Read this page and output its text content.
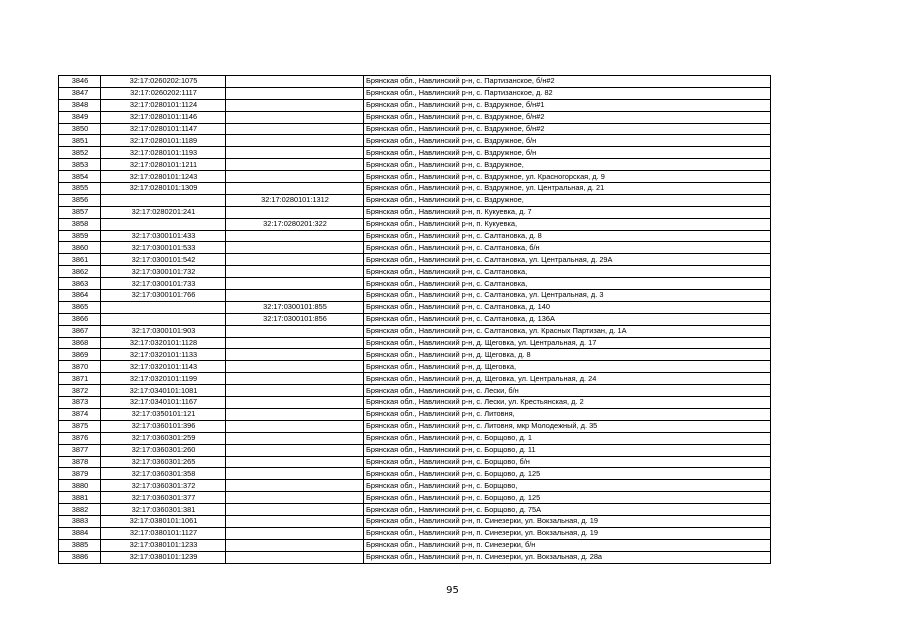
3846	32:17:0260202:1075		Брянская обл., Навлинский р-н, с. Партизанское, б/н#2
3847	32:17:0260202:1117		Брянская обл., Навлинский р-н, с. Партизанское, д. 82
3848	32:17:0280101:1124		Брянская обл., Навлинский р-н, с. Вздружное, б/н#1
3849	32:17:0280101:1146		Брянская обл., Навлинский р-н, с. Вздружное, б/н#2
3850	32:17:0280101:1147		Брянская обл., Навлинский р-н, с. Вздружное, б/н#2
3851	32:17:0280101:1189		Брянская обл., Навлинский р-н, с. Вздружное, б/н
3852	32:17:0280101:1193		Брянская обл., Навлинский р-н, с. Вздружное, б/н
3853	32:17:0280101:1211		Брянская обл., Навлинский р-н, с. Вздружное,
3854	32:17:0280101:1243		Брянская обл., Навлинский р-н, с. Вздружное, ул. Красногорская, д. 9
3855	32:17:0280101:1309		Брянская обл., Навлинский р-н, с. Вздружное, ул. Центральная, д. 21
3856		32:17:0280101:1312	Брянская обл., Навлинский р-н, с. Вздружное,
3857	32:17:0280201:241		Брянская обл., Навлинский р-н, п. Кукуевка, д. 7
3858		32:17:0280201:322	Брянская обл., Навлинский р-н, п. Кукуевка,
3859	32:17:0300101:433		Брянская обл., Навлинский р-н, с. Салтановка, д. 8
3860	32:17:0300101:533		Брянская обл., Навлинский р-н, с. Салтановка, б/н
3861	32:17:0300101:542		Брянская обл., Навлинский р-н, с. Салтановка, ул. Центральная, д. 29А
3862	32:17:0300101:732		Брянская обл., Навлинский р-н, с. Салтановка,
3863	32:17:0300101:733		Брянская обл., Навлинский р-н, с. Салтановка,
3864	32:17:0300101:766		Брянская обл., Навлинский р-н, с. Салтановка, ул. Центральная, д. 3
3865		32:17:0300101:855	Брянская обл., Навлинский р-н, с. Салтановка, д. 140
3866		32:17:0300101:856	Брянская обл., Навлинский р-н, с. Салтановка, д. 136А
3867	32:17:0300101:903		Брянская обл., Навлинский р-н, с. Салтановка, ул. Красных Партизан, д. 1А
3868	32:17:0320101:1128		Брянская обл., Навлинский р-н, д. Щеговка, ул. Центральная, д. 17
3869	32:17:0320101:1133		Брянская обл., Навлинский р-н, д. Щеговка, д. 8
3870	32:17:0320101:1143		Брянская обл., Навлинский р-н, д. Щеговка,
3871	32:17:0320101:1199		Брянская обл., Навлинский р-н, д. Щеговка, ул. Центральная, д. 24
3872	32:17:0340101:1081		Брянская обл., Навлинский р-н, с. Лески, б/н
3873	32:17:0340101:1167		Брянская обл., Навлинский р-н, с. Лески, ул. Крестьянская, д. 2
3874	32:17:0350101:121		Брянская обл., Навлинский р-н, с. Литовня,
3875	32:17:0360101:396		Брянская обл., Навлинский р-н, с. Литовня, мкр Молодежный, д. 35
3876	32:17:0360301:259		Брянская обл., Навлинский р-н, с. Борщово, д. 1
3877	32:17:0360301:260		Брянская обл., Навлинский р-н, с. Борщово, д. 11
3878	32:17:0360301:265		Брянская обл., Навлинский р-н, с. Борщово, б/н
3879	32:17:0360301:358		Брянская обл., Навлинский р-н, с. Борщово, д. 125
3880	32:17:0360301:372		Брянская обл., Навлинский р-н, с. Борщово,
3881	32:17:0360301:377		Брянская обл., Навлинский р-н, с. Борщово, д. 125
3882	32:17:0360301:381		Брянская обл., Навлинский р-н, с. Борщово, д. 75А
3883	32:17:0380101:1061		Брянская обл., Навлинский р-н, п. Синезерки, ул. Вокзальная, д. 19
3884	32:17:0380101:1127		Брянская обл., Навлинский р-н, п. Синезерки, ул. Вокзальная, д. 19
3885	32:17:0380101:1233		Брянская обл., Навлинский р-н, п. Синезерки, б/н
3886	32:17:0380101:1239		Брянская обл., Навлинский р-н, п. Синезерки, ул. Вокзальная, д. 28а
95
